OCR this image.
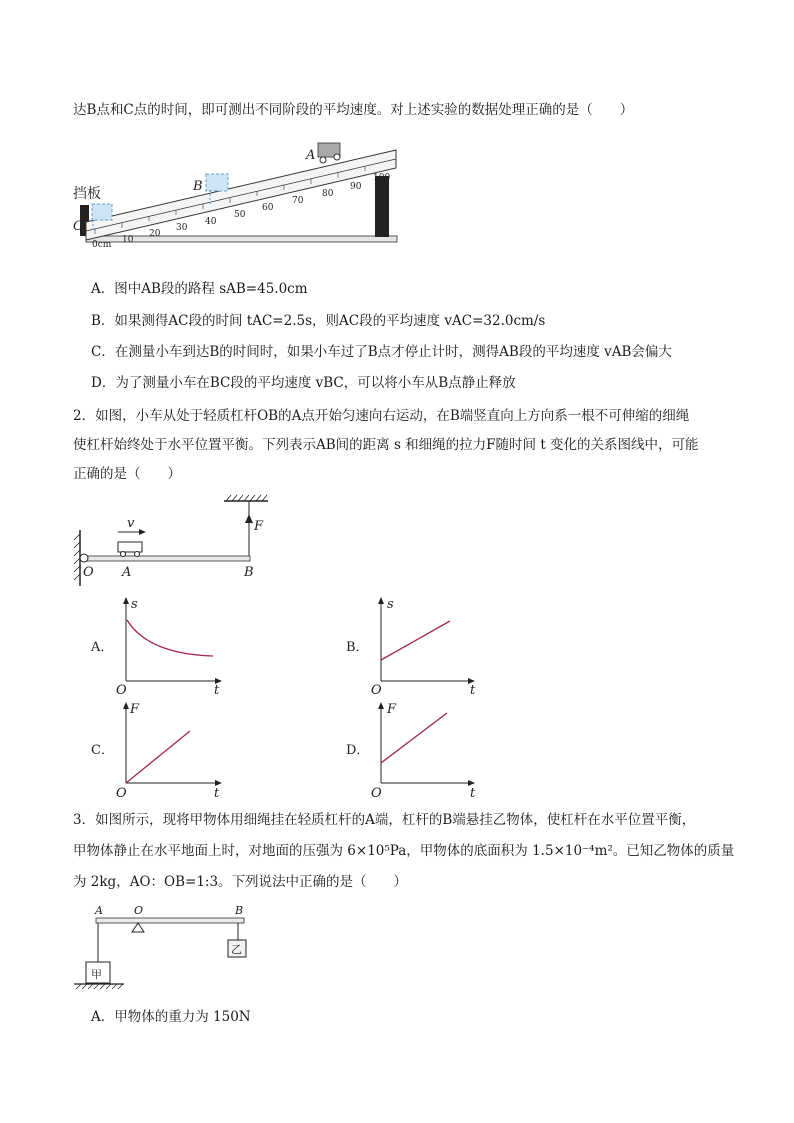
达B点和C点的时间，即可测出不同阶段的平均速度。对上述实验的数据处理正确的是（　　）
0cm 10
20
30
40
50
60
70
80
90
100
A
B
C
挡板
A．图中AB段的路程 sAB=45.0cm
B．如果测得AC段的时间 tAC=2.5s，则AC段的平均速度 vAC=32.0cm/s
C．在测量小车到达B的时间时，如果小车过了B点才停止计时，测得AB段的平均速度 vAB会偏大
D．为了测量小车在BC段的平均速度 vBC，可以将小车从B点静止释放
2．如图，小车从处于轻质杠杆OB的A点开始匀速向右运动，在B端竖直向上方向系一根不可伸缩的细绳
使杠杆始终处于水平位置平衡。下列表示AB间的距离 s 和细绳的拉力F随时间 t 变化的关系图线中，可能
正确的是（　　）
v	F
O A	B
A．
s
O	t
B．
s
O	t
C．
F
O	t
D．
F
O	t
3．如图所示，现将甲物体用细绳挂在轻质杠杆的A端，杠杆的B端悬挂乙物体，使杠杆在水平位置平衡，
甲物体静止在水平地面上时，对地面的压强为 6×10⁵Pa，甲物体的底面积为 1.5×10⁻⁴m²。已知乙物体的质量
为 2kg，AO：OB=1:3。下列说法中正确的是（　　）
A	O	B
甲
乙
A．甲物体的重力为 150N
